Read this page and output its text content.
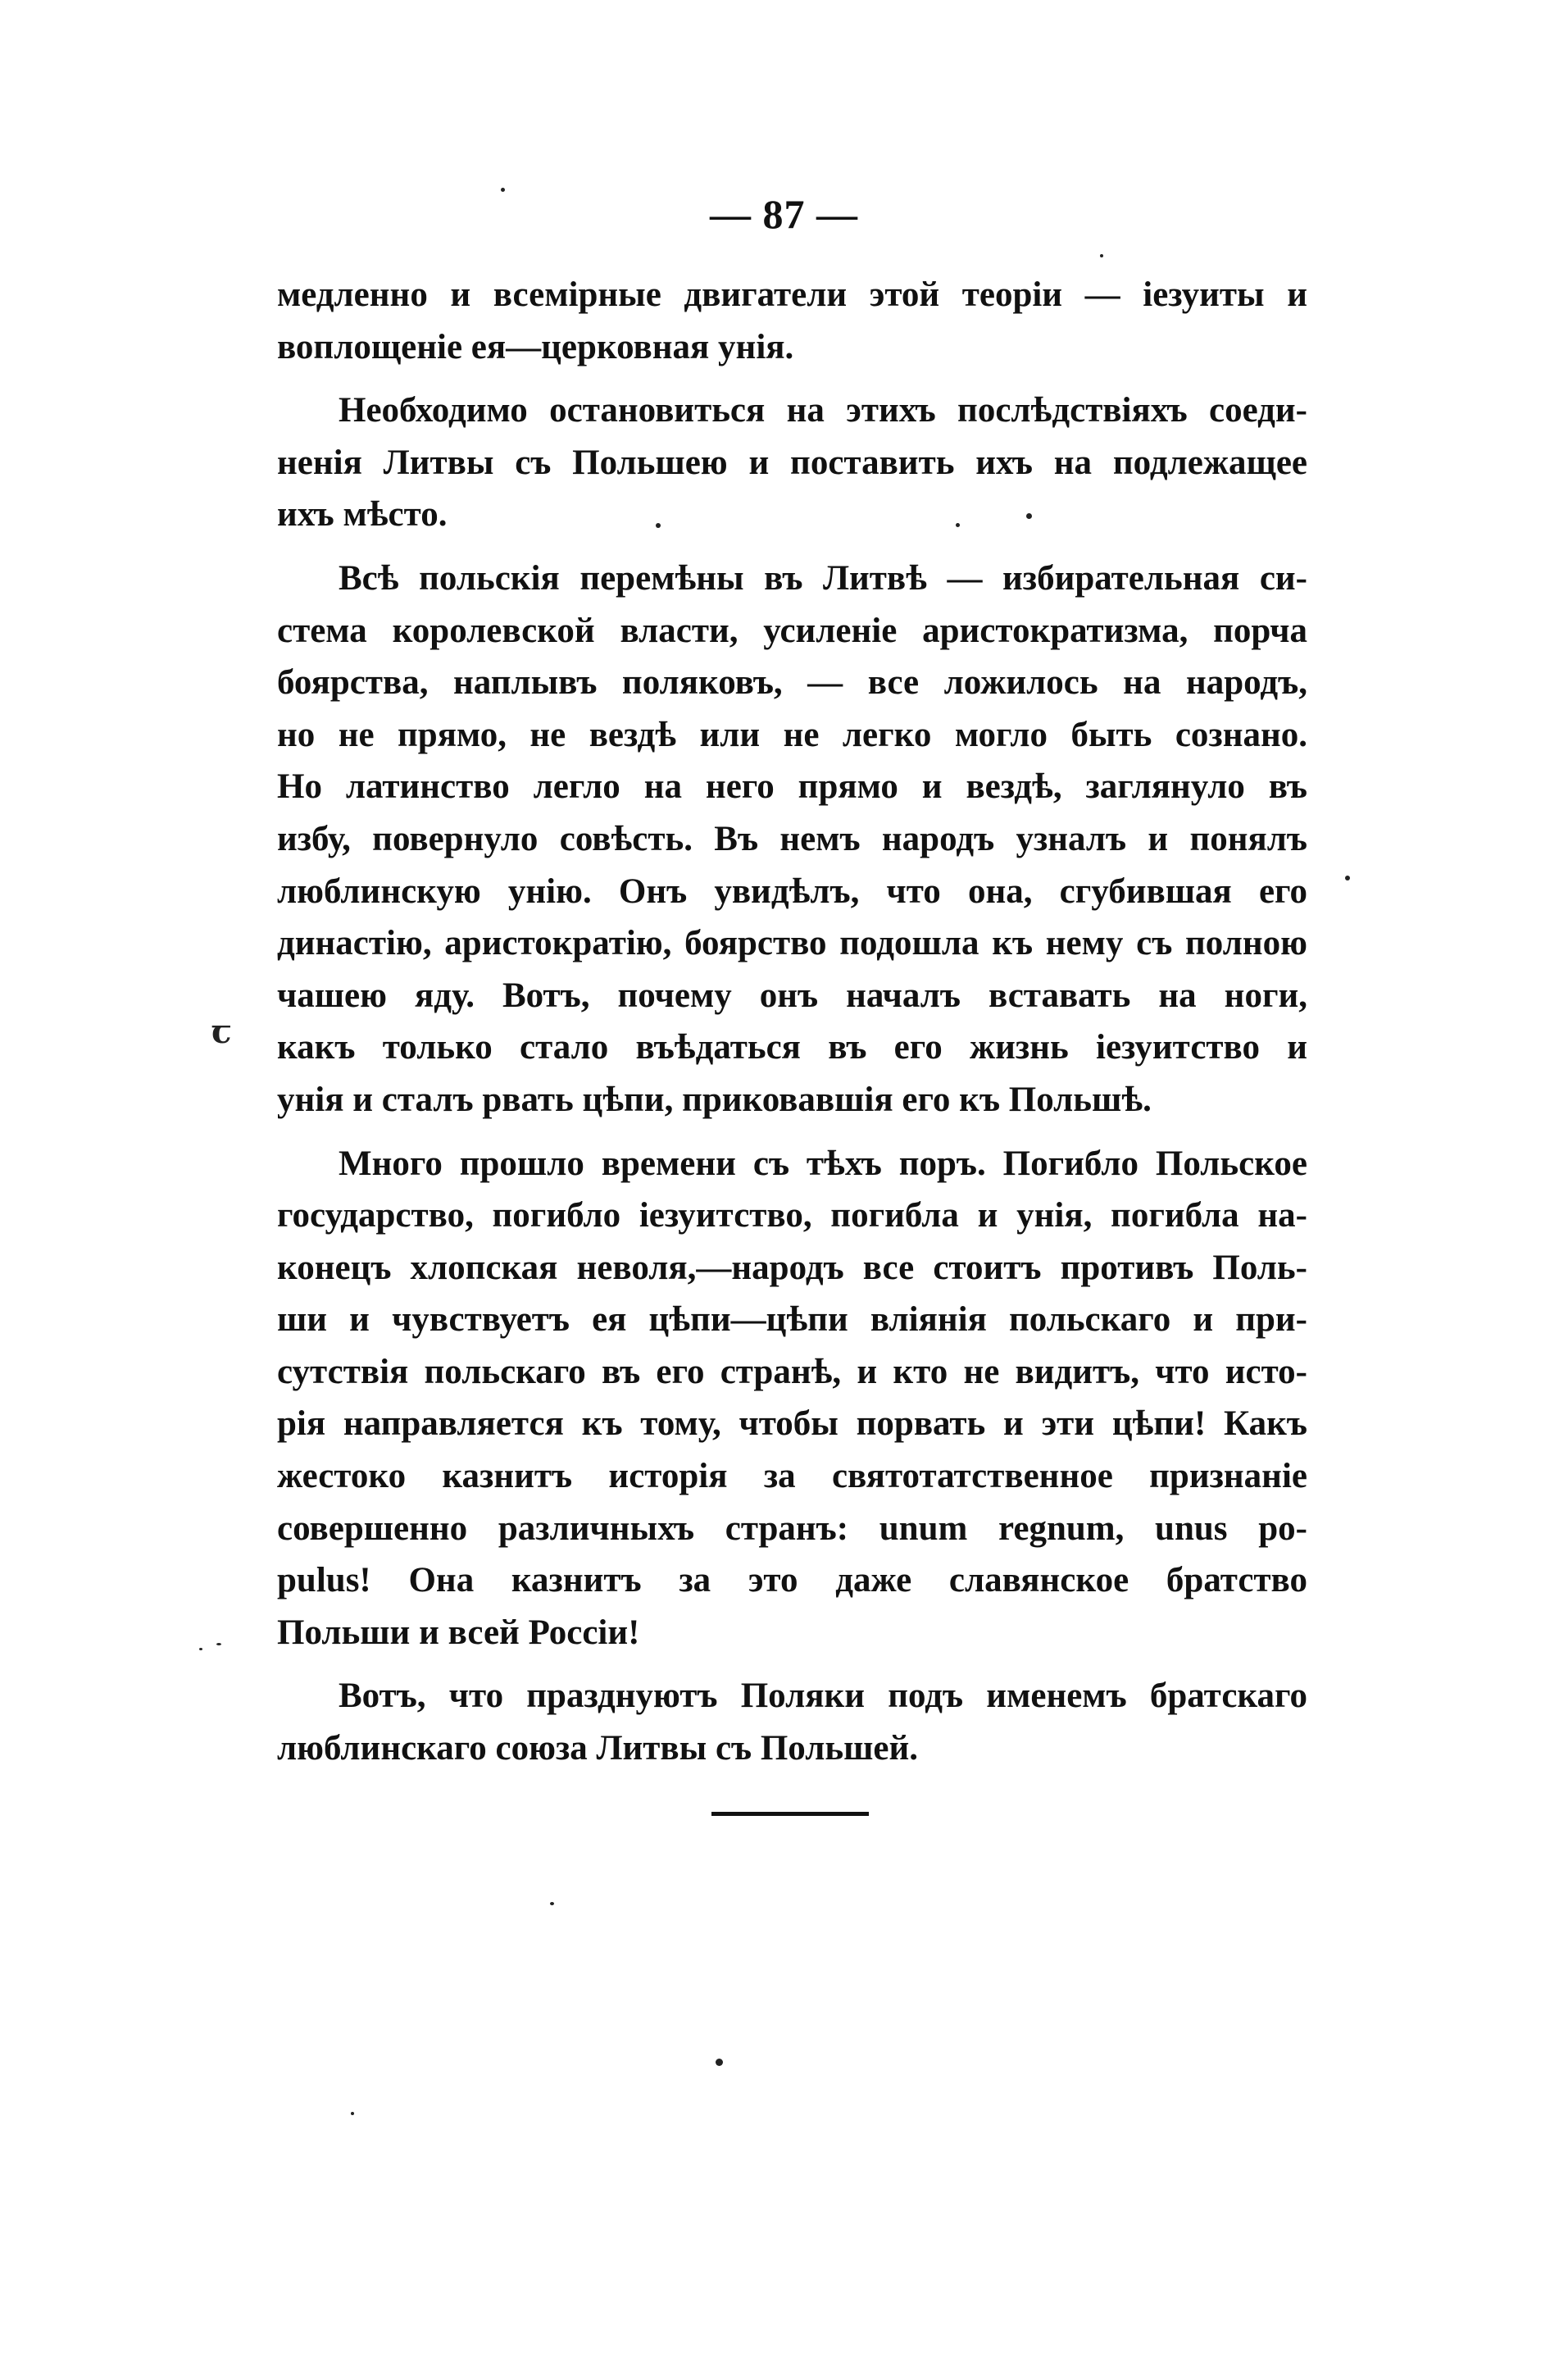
— 87 —
ꞇ
медленно и всемірные двигатели этой теоріи — іезуиты и
воплощеніе ея—церковная унія.
Необходимо остановиться на этихъ послѣдствіяхъ соеди-
ненія Литвы съ Польшею и поставить ихъ на подлежащее
ихъ мѣсто.
Всѣ польскія перемѣны въ Литвѣ — избирательная си-
стема королевской власти, усиленіе аристократизма, порча
боярства, наплывъ поляковъ, — все ложилось на народъ,
но не прямо, не вездѣ или не легко могло быть сознано.
Но латинство легло на него прямо и вездѣ, заглянуло въ
избу, повернуло совѣсть. Въ немъ народъ узналъ и понялъ
люблинскую унію. Онъ увидѣлъ, что она, сгубившая его
династію, аристократію, боярство подошла къ нему съ полною
чашею яду. Вотъ, почему онъ началъ вставать на ноги,
какъ только стало въѣдаться въ его жизнь іезуитство и
унія и сталъ рвать цѣпи, приковавшія его къ Польшѣ.
Много прошло времени съ тѣхъ поръ. Погибло Польское
государство, погибло іезуитство, погибла и унія, погибла на-
конецъ хлопская неволя,—народъ все стоитъ противъ Поль-
ши и чувствуетъ ея цѣпи—цѣпи вліянія польскаго и при-
сутствія польскаго въ его странѣ, и кто не видитъ, что исто-
рія направляется къ тому, чтобы порвать и эти цѣпи! Какъ
жестоко казнитъ исторія за святотатственное признаніе
совершенно различныхъ странъ: unum regnum, unus po-
pulus! Она казнитъ за это даже славянское братство
Польши и всей Россіи!
Вотъ, что празднуютъ Поляки подъ именемъ братскаго
люблинскаго союза Литвы съ Польшей.
